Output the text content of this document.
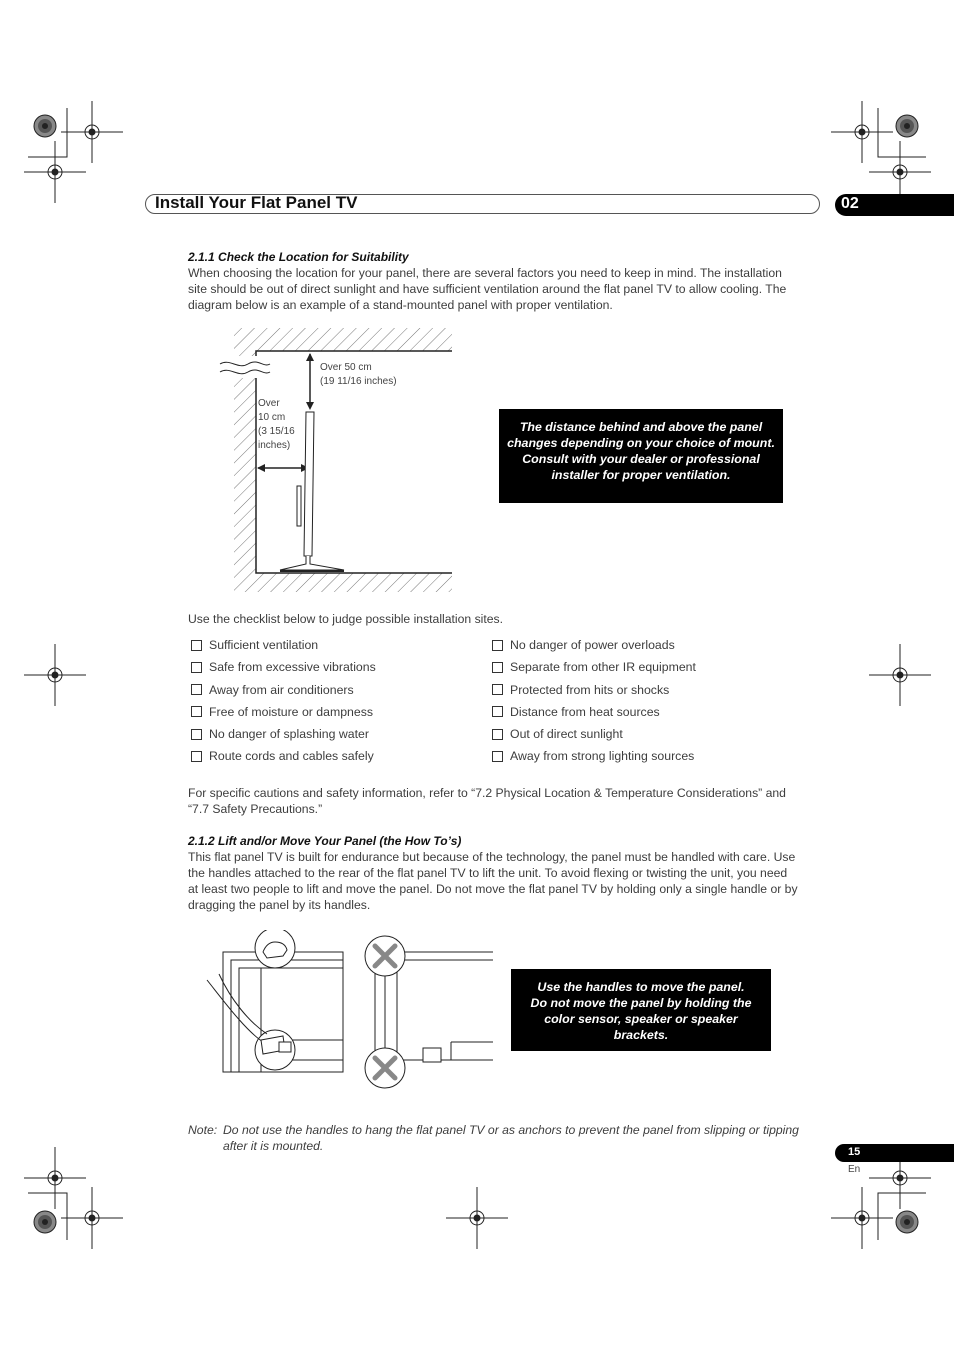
Install Your Flat Panel TV	02
2.1.1 Check the Location for Suitability
When choosing the location for your panel, there are several factors you need to keep in mind. The installation
site should be out of direct sunlight and have sufficient ventilation around the flat panel TV to allow cooling. The
diagram below is an example of a stand-mounted panel with proper ventilation.
Over 50 cm
(19 11/16 inches)
Over
10 cm
(3 15/16
inches)
The distance behind and above the panel
changes depending on your choice of mount.
Consult with your dealer or professional
installer for proper ventilation.
Use the checklist below to judge possible installation sites.
Sufficient ventilation
Safe from excessive vibrations
Away from air conditioners
Free of moisture or dampness
No danger of splashing water
Route cords and cables safely
No danger of power overloads
Separate from other IR equipment
Protected from hits or shocks
Distance from heat sources
Out of direct sunlight
Away from strong lighting sources
For specific cautions and safety information, refer to “7.2 Physical Location & Temperature Considerations” and
“7.7 Safety Precautions.”
2.1.2 Lift and/or Move Your Panel (the How To’s)
This flat panel TV is built for endurance but because of the technology, the panel must be handled with care. Use
the handles attached to the rear of the flat panel TV to lift the unit. To avoid flexing or twisting the unit, you need
at least two people to lift and move the panel. Do not move the flat panel TV by holding only a single handle or by
dragging the panel by its handles.
Use the handles to move the panel.
Do not move the panel by holding the
color sensor, speaker or speaker
brackets.
Note: Do not use the handles to hang the flat panel TV or as anchors to prevent the panel from slipping or tipping
after it is mounted.	15
En
